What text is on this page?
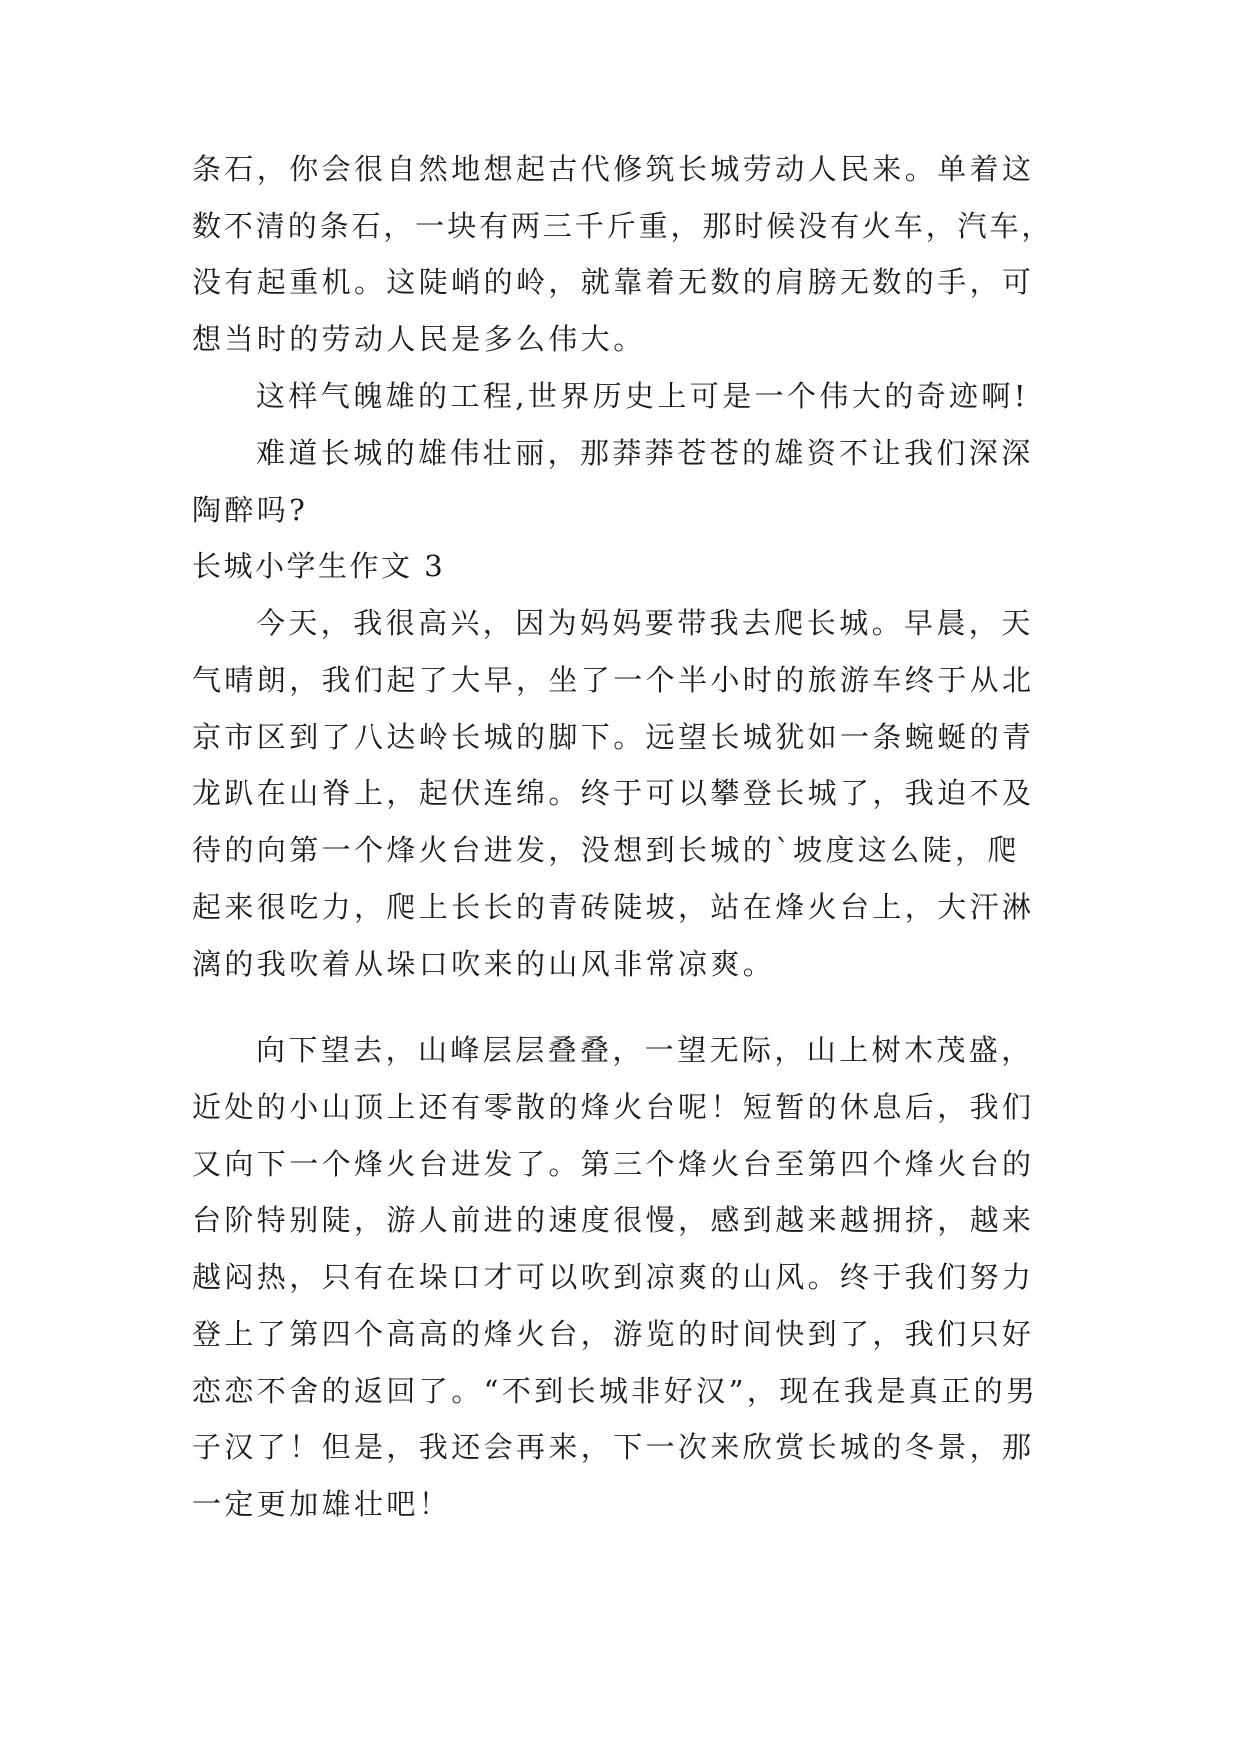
条石，你会很自然地想起古代修筑长城劳动人民来。单着这
数不清的条石，一块有两三千斤重，那时候没有火车，汽车，
没有起重机。这陡峭的岭，就靠着无数的肩膀无数的手，可
想当时的劳动人民是多么伟大。
这样气魄雄的工程,世界历史上可是一个伟大的奇迹啊!
难道长城的雄伟壮丽，那莽莽苍苍的雄资不让我们深深
陶醉吗?
长城小学生作文 3
今天，我很高兴，因为妈妈要带我去爬长城。早晨，天
气晴朗，我们起了大早，坐了一个半小时的旅游车终于从北
京市区到了八达岭长城的脚下。远望长城犹如一条蜿蜒的青
龙趴在山脊上，起伏连绵。终于可以攀登长城了，我迫不及
待的向第一个烽火台进发，没想到长城的`坡度这么陡，爬
起来很吃力，爬上长长的青砖陡坡，站在烽火台上，大汗淋
漓的我吹着从垛口吹来的山风非常凉爽。
向下望去，山峰层层叠叠，一望无际，山上树木茂盛，
近处的小山顶上还有零散的烽火台呢！短暂的休息后，我们
又向下一个烽火台进发了。第三个烽火台至第四个烽火台的
台阶特别陡，游人前进的速度很慢，感到越来越拥挤，越来
越闷热，只有在垛口才可以吹到凉爽的山风。终于我们努力
登上了第四个高高的烽火台，游览的时间快到了，我们只好
恋恋不舍的返回了。“不到长城非好汉”，现在我是真正的男
子汉了！但是，我还会再来，下一次来欣赏长城的冬景，那
一定更加雄壮吧！
